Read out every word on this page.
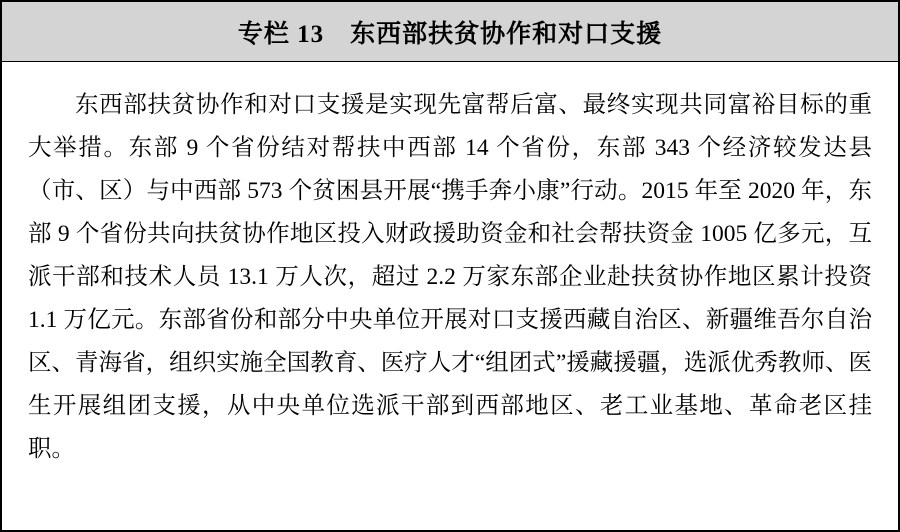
专栏 13　东西部扶贫协作和对口支援

东西部扶贫协作和对口支援是实现先富帮后富、最终实现共同富裕目标的重大举措。东部 9 个省份结对帮扶中西部 14 个省份，东部 343 个经济较发达县（市、区）与中西部 573 个贫困县开展“携手奔小康”行动。2015 年至 2020 年，东部 9 个省份共向扶贫协作地区投入财政援助资金和社会帮扶资金 1005 亿多元，互派干部和技术人员 13.1 万人次，超过 2.2 万家东部企业赴扶贫协作地区累计投资 1.1 万亿元。东部省份和部分中央单位开展对口支援西藏自治区、新疆维吾尔自治区、青海省，组织实施全国教育、医疗人才“组团式”援藏援疆，选派优秀教师、医生开展组团支援，从中央单位选派干部到西部地区、老工业基地、革命老区挂职。
